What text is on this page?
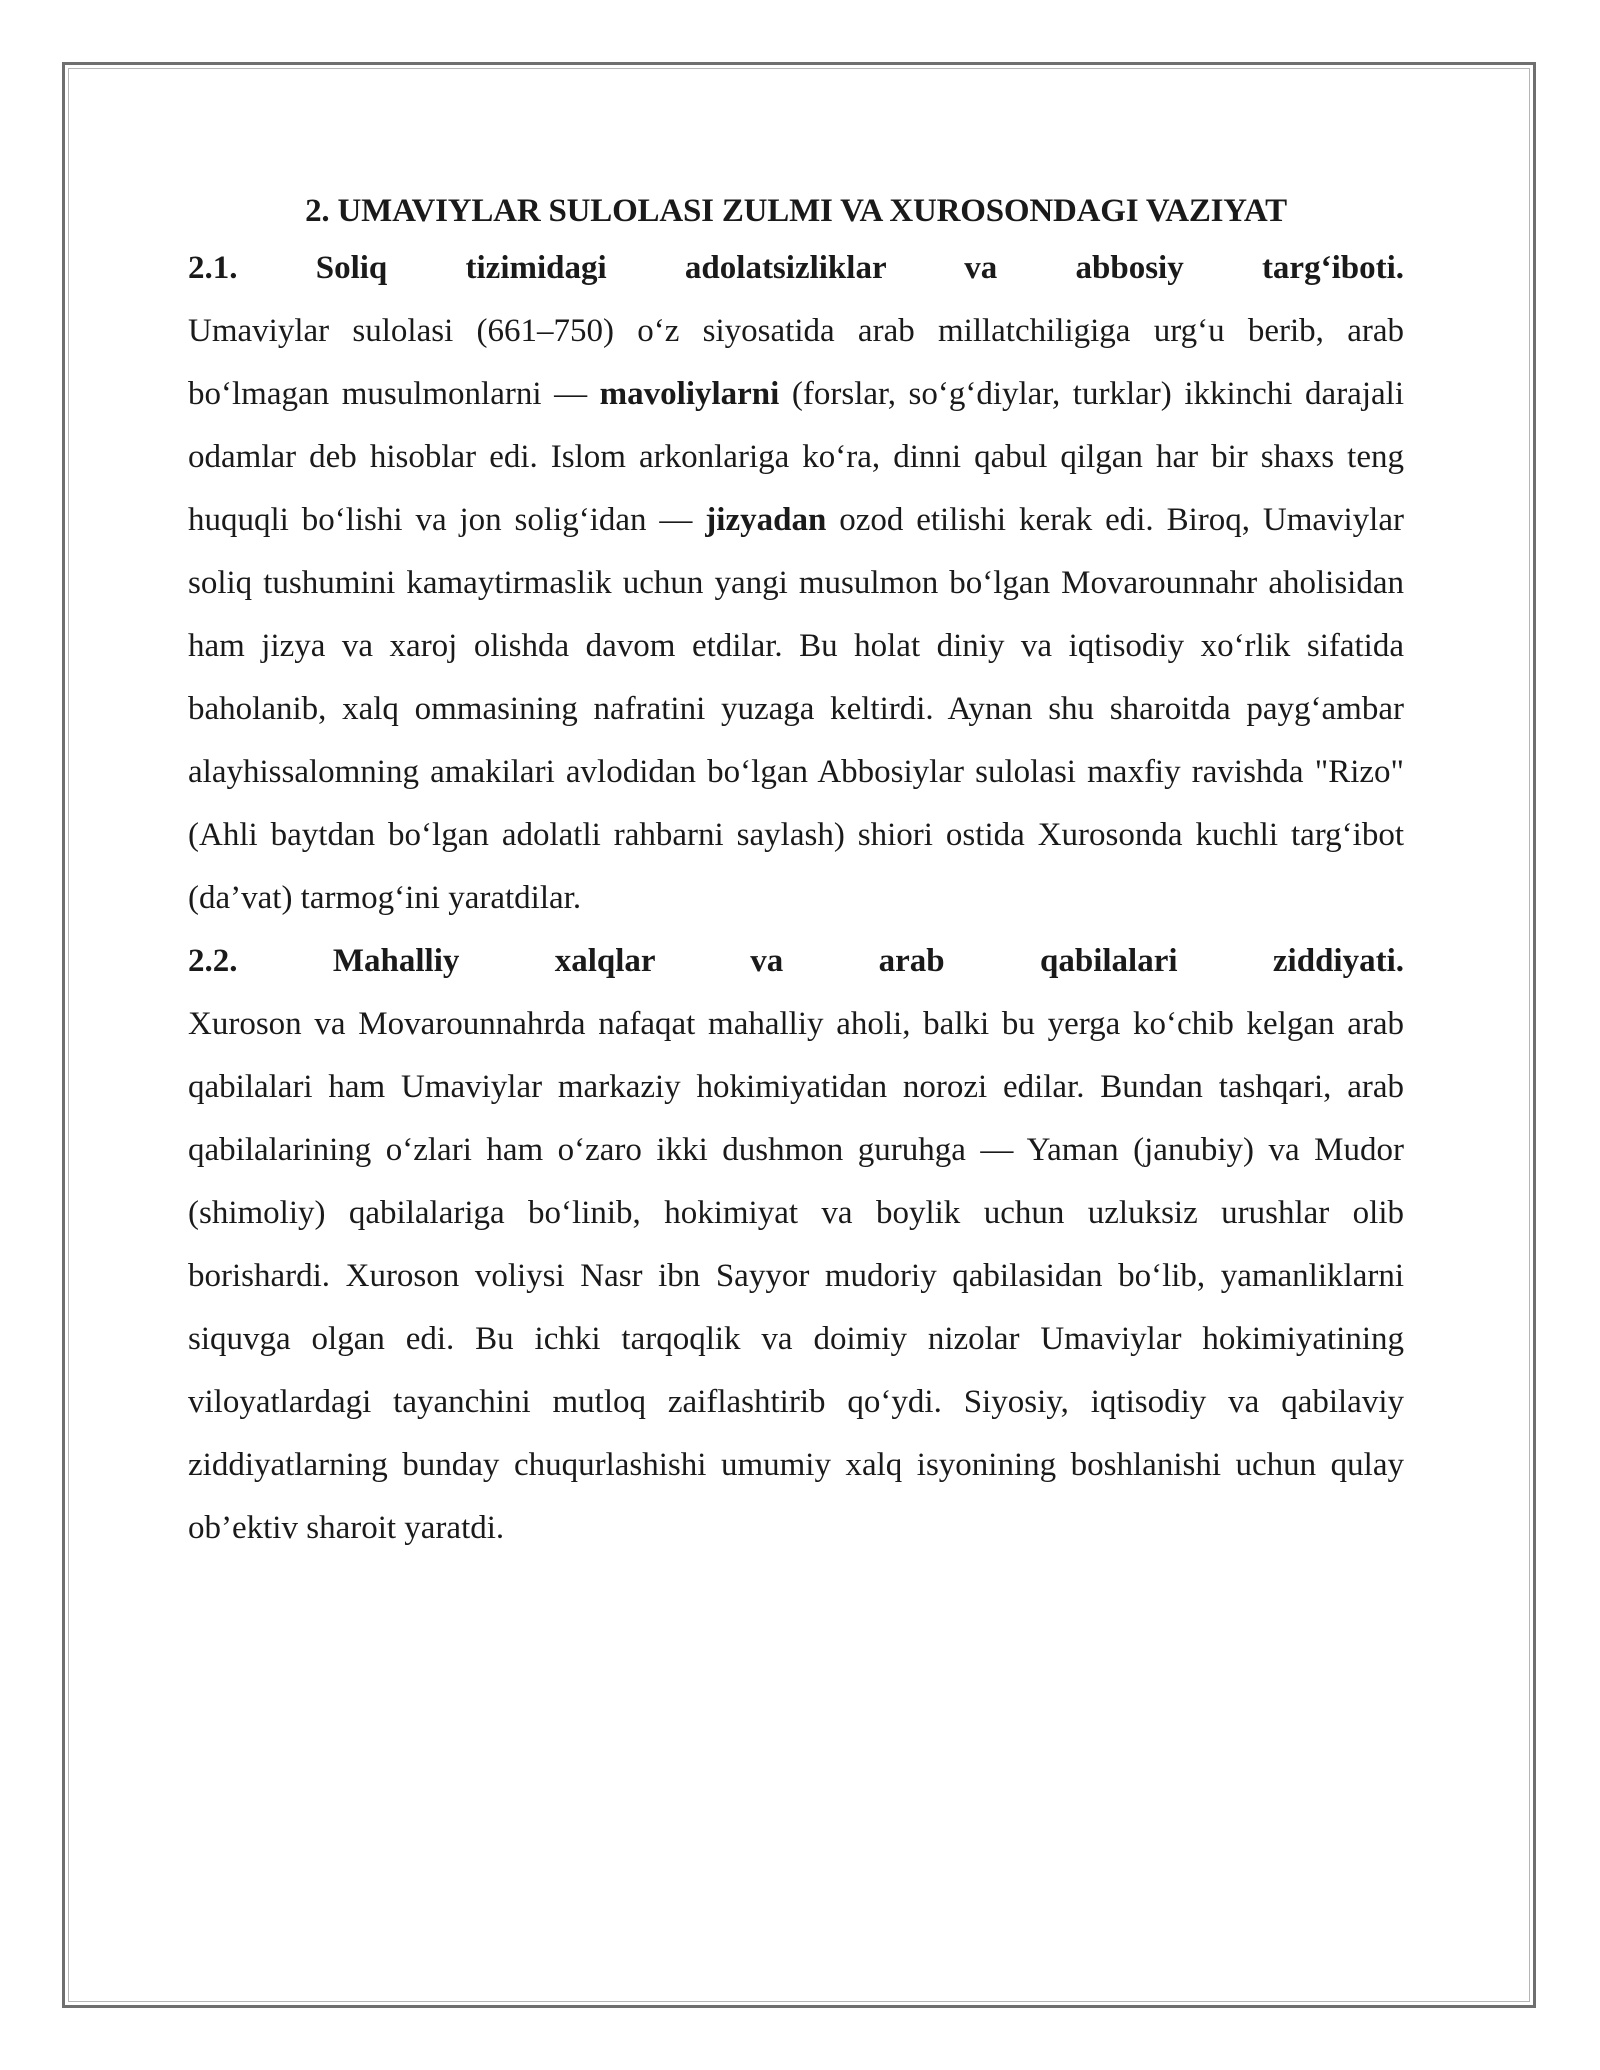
2. UMAVIYLAR SULOLASI ZULMI VA XUROSONDAGI VAZIYAT
2.1. Soliq tizimidagi adolatsizliklar va abbosiy targ‘iboti.
Umaviylar sulolasi (661–750) o‘z siyosatida arab millatchiligiga urg‘u berib, arab bo‘lmagan musulmonlarni — mavoliylarni (forslar, so‘g‘diylar, turklar) ikkinchi darajali odamlar deb hisoblar edi. Islom arkonlariga ko‘ra, dinni qabul qilgan har bir shaxs teng huquqli bo‘lishi va jon solig‘idan — jizyadan ozod etilishi kerak edi. Biroq, Umaviylar soliq tushumini kamaytirmaslik uchun yangi musulmon bo‘lgan Movarounnahr aholisidan ham jizya va xaroj olishda davom etdilar. Bu holat diniy va iqtisodiy xo‘rlik sifatida baholanib, xalq ommasining nafratini yuzaga keltirdi. Aynan shu sharoitda payg‘ambar alayhissalomning amakilari avlodidan bo‘lgan Abbosiylar sulolasi maxfiy ravishda "Rizo" (Ahli baytdan bo‘lgan adolatli rahbarni saylash) shiori ostida Xurosonda kuchli targ‘ibot (da’vat) tarmog‘ini yaratdilar.
2.2. Mahalliy xalqlar va arab qabilalari ziddiyati.
Xuroson va Movarounnahrda nafaqat mahalliy aholi, balki bu yerga ko‘chib kelgan arab qabilalari ham Umaviylar markaziy hokimiyatidan norozi edilar. Bundan tashqari, arab qabilalarining o‘zlari ham o‘zaro ikki dushmon guruhga — Yaman (janubiy) va Mudor (shimoliy) qabilalariga bo‘linib, hokimiyat va boylik uchun uzluksiz urushlar olib borishardi. Xuroson voliysi Nasr ibn Sayyor mudoriy qabilasidan bo‘lib, yamanliklarni siquvga olgan edi. Bu ichki tarqoqlik va doimiy nizolar Umaviylar hokimiyatining viloyatlardagi tayanchini mutloq zaiflashtirib qo‘ydi. Siyosiy, iqtisodiy va qabilaviy ziddiyatlarning bunday chuqurlashishi umumiy xalq isyonining boshlanishi uchun qulay ob’ektiv sharoit yaratdi.
